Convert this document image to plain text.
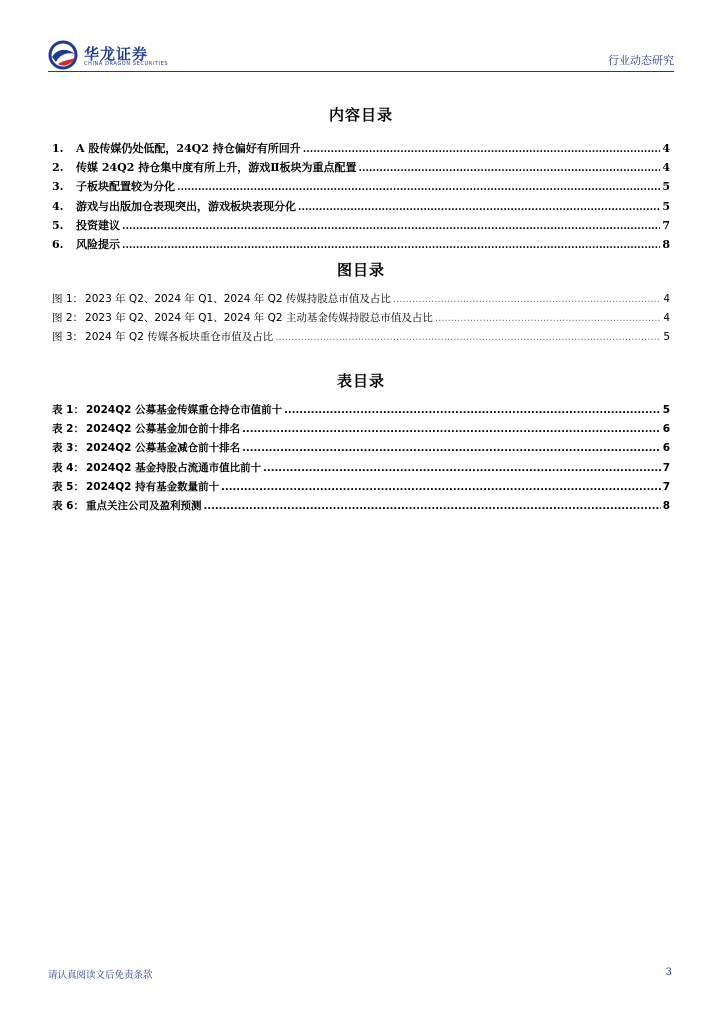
华龙证券
CHINA DRAGON SECURITIES	行业动态研究
内容目录
1.	A 股传媒仍处低配，24Q2 持仓偏好有所回升 .....	4
2.	传媒 24Q2 持仓集中度有所上升，游戏Ⅱ板块为重点配置 .....	4
3.	子板块配置较为分化 .....	5
4.	游戏与出版加仓表现突出，游戏板块表现分化 .....	5
5.	投资建议 .....	7
6.	风险提示 .....	8
图目录
图 1： 2023 年 Q2、2024 年 Q1、2024 年 Q2 传媒持股总市值及占比 .....	4
图 2： 2023 年 Q2、2024 年 Q1、2024 年 Q2 主动基金传媒持股总市值及占比 .....	4
图 3： 2024 年 Q2 传媒各板块重仓市值及占比 .....	5
表目录
表 1： 2024Q2 公募基金传媒重仓持仓市值前十 .....	5
表 2： 2024Q2 公募基金加仓前十排名 .....	6
表 3： 2024Q2 公募基金减仓前十排名 .....	6
表 4： 2024Q2 基金持股占流通市值比前十 .....	7
表 5： 2024Q2 持有基金数量前十 .....	7
表 6： 重点关注公司及盈利预测 .....	8
请认真阅读文后免责条款	3
